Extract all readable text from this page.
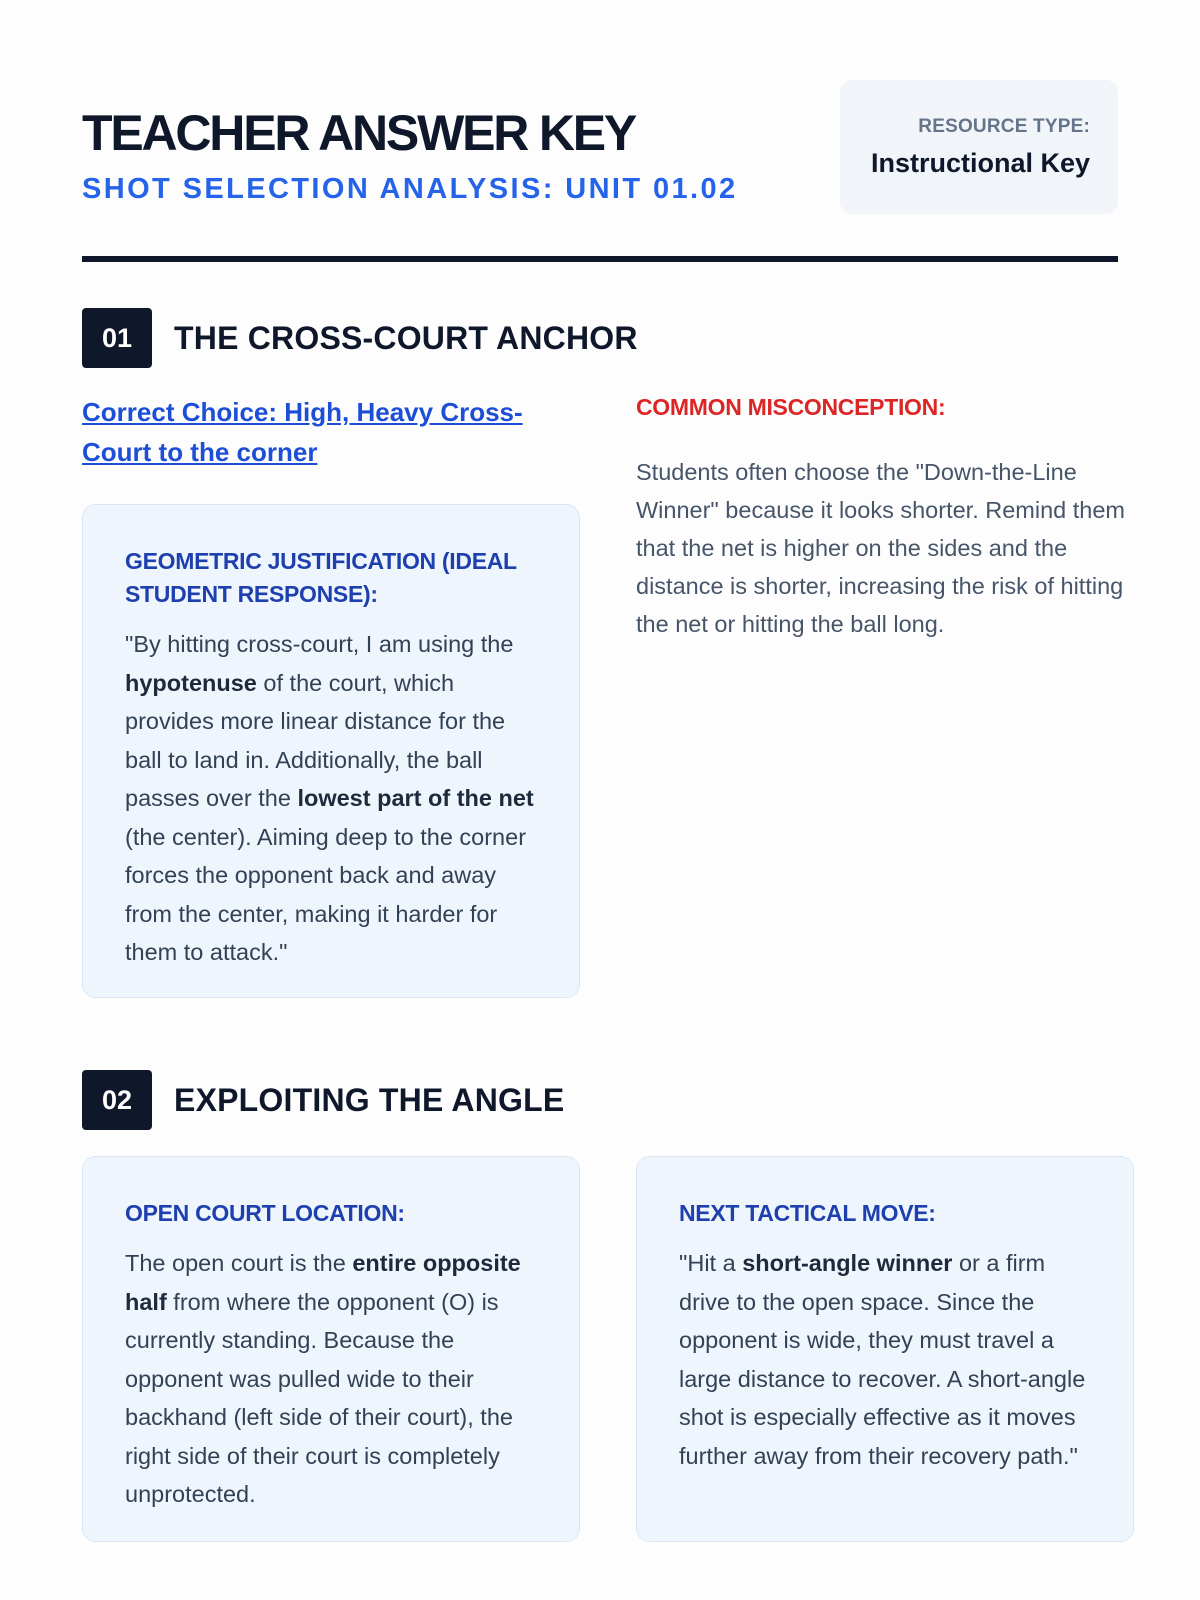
TEACHER ANSWER KEY
SHOT SELECTION ANALYSIS: UNIT 01.02
RESOURCE TYPE:
Instructional Key
01	THE CROSS-COURT ANCHOR
Correct Choice: High, Heavy Cross-Court to the corner
GEOMETRIC JUSTIFICATION (IDEAL STUDENT RESPONSE):
"By hitting cross-court, I am using the hypotenuse of the court, which provides more linear distance for the ball to land in. Additionally, the ball passes over the lowest part of the net (the center). Aiming deep to the corner forces the opponent back and away from the center, making it harder for them to attack."
COMMON MISCONCEPTION:
Students often choose the "Down-the-Line Winner" because it looks shorter. Remind them that the net is higher on the sides and the distance is shorter, increasing the risk of hitting the net or hitting the ball long.
02	EXPLOITING THE ANGLE
OPEN COURT LOCATION:
The open court is the entire opposite half from where the opponent (O) is currently standing. Because the opponent was pulled wide to their backhand (left side of their court), the right side of their court is completely unprotected.
NEXT TACTICAL MOVE:
"Hit a short-angle winner or a firm drive to the open space. Since the opponent is wide, they must travel a large distance to recover. A short-angle shot is especially effective as it moves further away from their recovery path."
